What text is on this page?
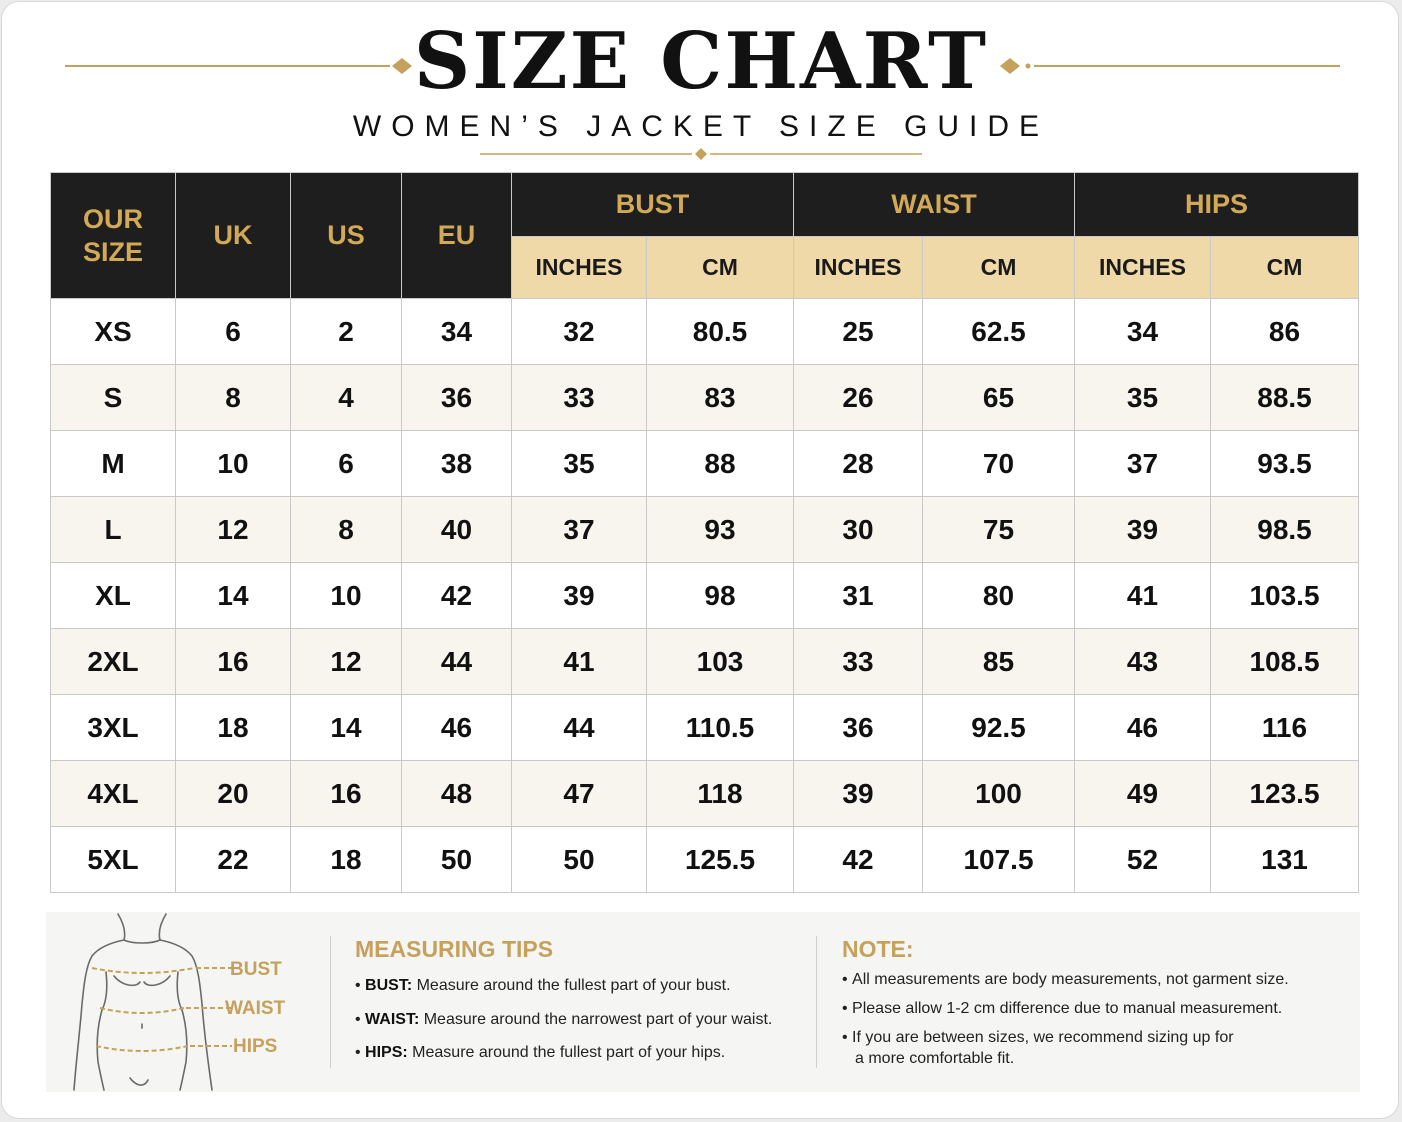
SIZE CHART
WOMEN’S JACKET SIZE GUIDE
OUR
SIZE	UK	US	EU	BUST		WAIST		HIPS	
				INCHES	CM	INCHES	CM	INCHES	CM
XS	6	2	34	32	80.5	25	62.5	34	86
S	8	4	36	33	83	26	65	35	88.5
M	10	6	38	35	88	28	70	37	93.5
L	12	8	40	37	93	30	75	39	98.5
XL	14	10	42	39	98	31	80	41	103.5
2XL	16	12	44	41	103	33	85	43	108.5
3XL	18	14	46	44	110.5	36	92.5	46	116
4XL	20	16	48	47	118	39	100	49	123.5
5XL	22	18	50	50	125.5	42	107.5	52	131
BUST
WAIST
HIPS
MEASURING TIPS
• BUST: Measure around the fullest part of your bust.
• WAIST: Measure around the narrowest part of your waist.
• HIPS: Measure around the fullest part of your hips.
NOTE:
• All measurements are body measurements, not garment size.
• Please allow 1-2 cm difference due to manual measurement.
• If you are between sizes, we recommend sizing up for
a more comfortable fit.
